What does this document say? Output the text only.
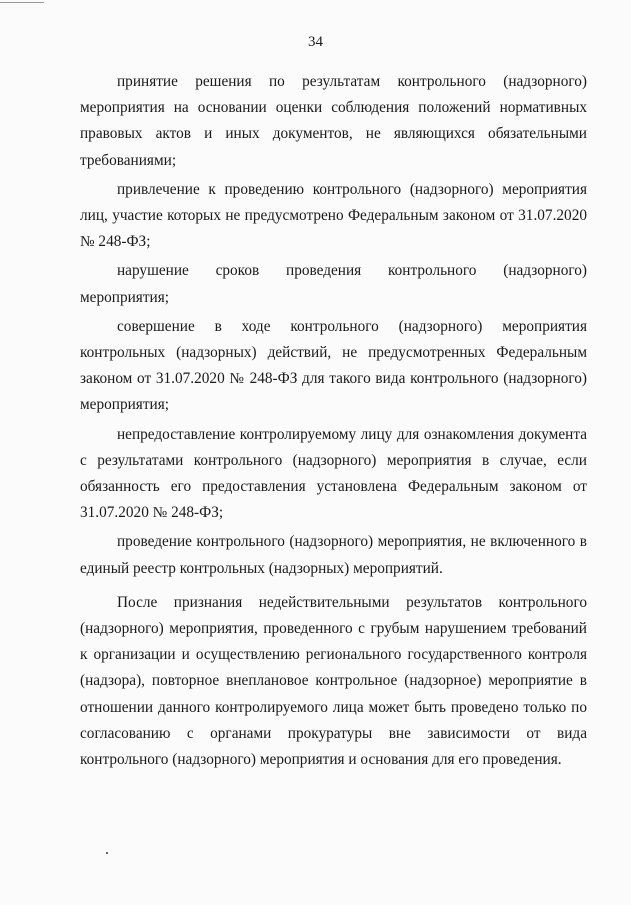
34

принятие решения по результатам контрольного (надзорного) мероприятия на основании оценки соблюдения положений нормативных правовых актов и иных документов, не являющихся обязательными требованиями;

привлечение к проведению контрольного (надзорного) мероприятия лиц, участие которых не предусмотрено Федеральным законом от 31.07.2020 № 248-ФЗ;

нарушение сроков проведения контрольного (надзорного) мероприятия;

совершение в ходе контрольного (надзорного) мероприятия контрольных (надзорных) действий, не предусмотренных Федеральным законом от 31.07.2020 № 248-ФЗ для такого вида контрольного (надзорного) мероприятия;

непредоставление контролируемому лицу для ознакомления документа с результатами контрольного (надзорного) мероприятия в случае, если обязанность его предоставления установлена Федеральным законом от 31.07.2020 № 248-ФЗ;

проведение контрольного (надзорного) мероприятия, не включенного в единый реестр контрольных (надзорных) мероприятий.

После признания недействительными результатов контрольного (надзорного) мероприятия, проведенного с грубым нарушением требований к организации и осуществлению регионального государственного контроля (надзора), повторное внеплановое контрольное (надзорное) мероприятие в отношении данного контролируемого лица может быть проведено только по согласованию с органами прокуратуры вне зависимости от вида контрольного (надзорного) мероприятия и основания для его проведения.
